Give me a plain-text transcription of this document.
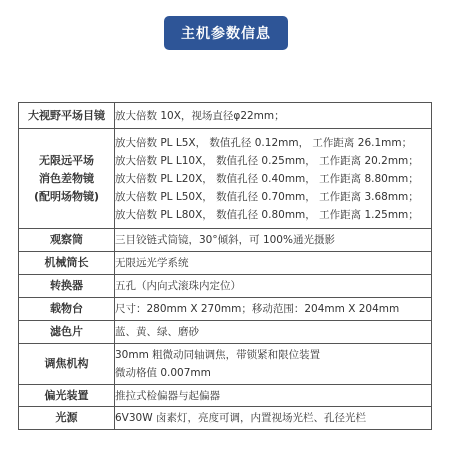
主机参数信息
大视野平场目镜	放大倍数 10X，视场直径φ22mm；

无限远平场
消色差物镜
(配明场物镜)	放大倍数 PL L5X， 数值孔径 0.12mm， 工作距离 26.1mm；
放大倍数 PL L10X， 数值孔径 0.25mm， 工作距离 20.2mm；
放大倍数 PL L20X， 数值孔径 0.40mm， 工作距离 8.80mm；
放大倍数 PL L50X， 数值孔径 0.70mm， 工作距离 3.68mm；
放大倍数 PL L80X， 数值孔径 0.80mm， 工作距离 1.25mm；

观察筒	三目铰链式筒镜，30°倾斜，可 100%通光摄影

机械筒长	无限远光学系统

转换器	五孔（内向式滚珠内定位）

载物台	尺寸：280mm X 270mm；移动范围：204mm X 204mm

滤色片	蓝、黄、绿、磨砂

调焦机构	30mm 粗微动同轴调焦，带锁紧和限位装置
微动格值 0.007mm

偏光装置	推拉式检偏器与起偏器

光源	6V30W 卤素灯，亮度可调，内置视场光栏、孔径光栏
